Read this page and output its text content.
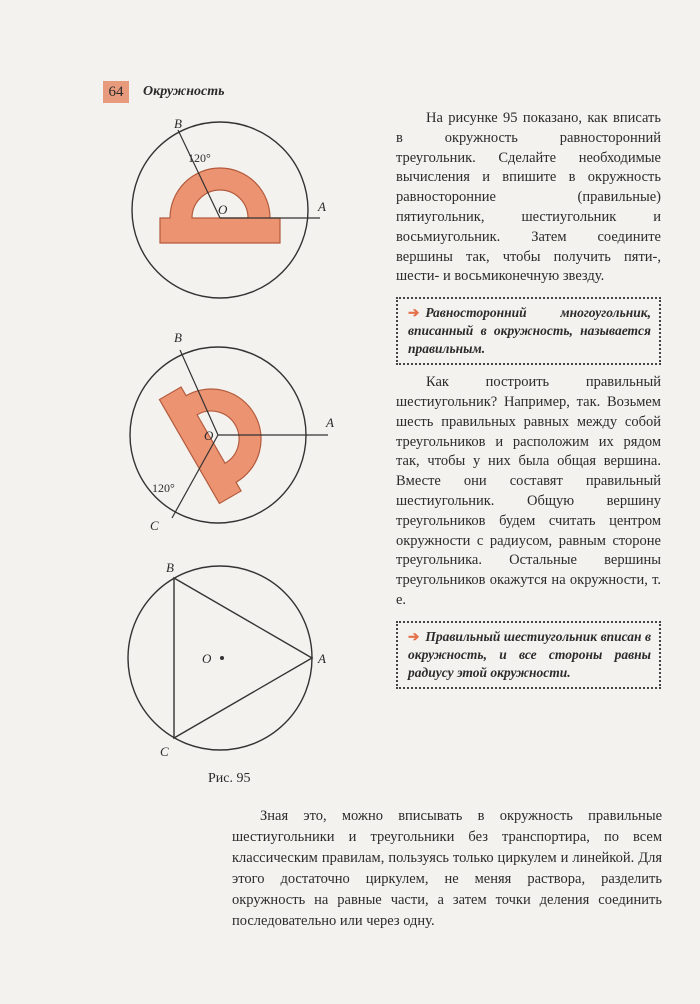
64	Окружность
O	A
B
120°
O
A
B
C
120°
O	A
B
C
Рис. 95

На рисунке 95 показано, как вписать в окружность равносторонний треугольник. Сделайте необходимые вычисления и впишите в окружность равносторонние (правильные) пятиугольник, шестиугольник и восьмиугольник. Затем соедините вершины так, чтобы получить пяти-, шести- и восьмиконечную звезду.

➔ Равносторонний многоугольник, вписанный в окружность, называется правильным.

Как построить правильный шестиугольник? Например, так. Возьмем шесть правильных равных между собой треугольников и расположим их рядом так, чтобы у них была общая вершина. Вместе они составят правильный шестиугольник. Общую вершину треугольников будем считать центром окружности с радиусом, равным стороне треугольника. Остальные вершины треугольников окажутся на окружности, т. е.

➔ Правильный шестиугольник вписан в окружность, и все стороны равны радиусу этой окружности.

Зная это, можно вписывать в окружность правильные шестиугольники и треугольники без транспортира, по всем классическим правилам, пользуясь только циркулем и линейкой. Для этого достаточно циркулем, не меняя раствора, разделить окружность на равные части, а затем точки деления соединить последовательно или через одну.
